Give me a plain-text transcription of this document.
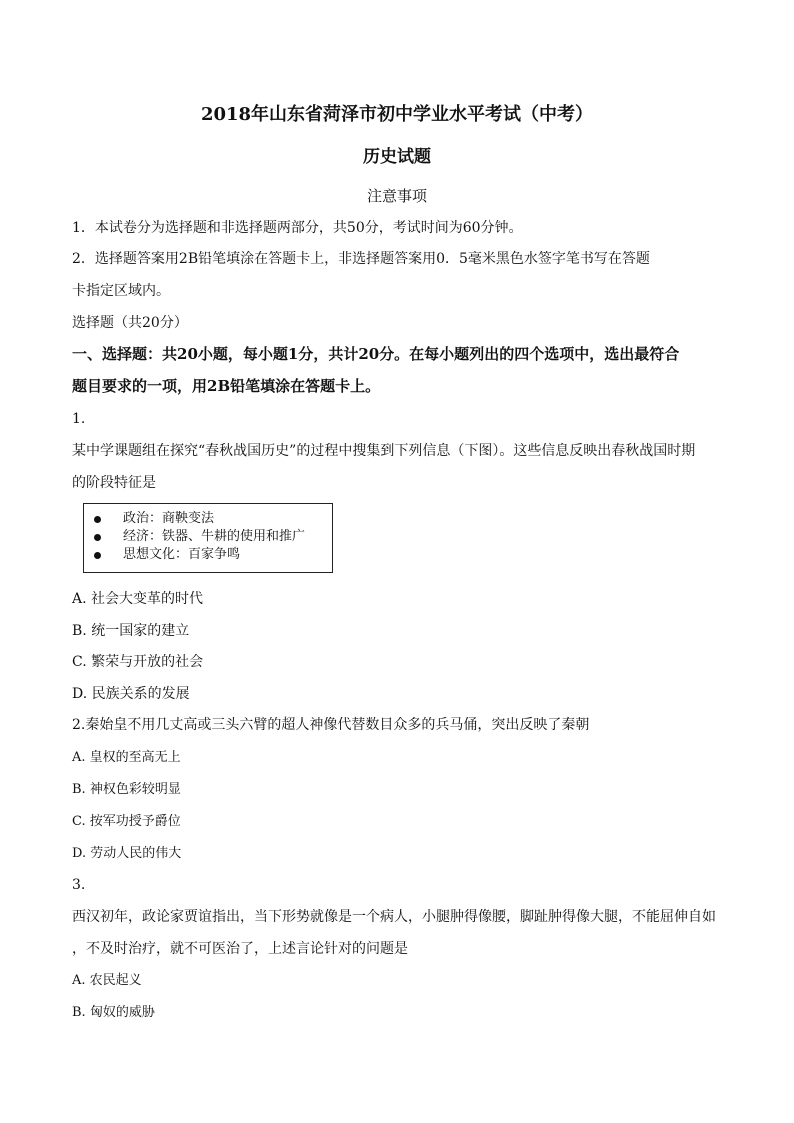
2018年山东省菏泽市初中学业水平考试（中考）
历史试题
注意事项
1．本试卷分为选择题和非选择题两部分，共50分，考试时间为60分钟。
2．选择题答案用2B铅笔填涂在答题卡上，非选择题答案用0．5毫米黑色水签字笔书写在答题
卡指定区域内。
选择题（共20分）
一、选择题：共20小题，每小题1分，共计20分。在每小题列出的四个选项中，选出最符合
题目要求的一项，用2B铅笔填涂在答题卡上。
1.
某中学课题组在探究“春秋战国历史”的过程中搜集到下列信息（下图）。这些信息反映出春秋战国时期
的阶段特征是
政治：商鞅变法
经济：铁器、牛耕的使用和推广
思想文化：百家争鸣
A. 社会大变革的时代
B. 统一国家的建立
C. 繁荣与开放的社会
D. 民族关系的发展
2.秦始皇不用几丈高或三头六臂的超人神像代替数目众多的兵马俑，突出反映了秦朝
A. 皇权的至高无上
B. 神权色彩较明显
C. 按军功授予爵位
D. 劳动人民的伟大
3.
西汉初年，政论家贾谊指出，当下形势就像是一个病人，小腿肿得像腰，脚趾肿得像大腿，不能屈伸自如
，不及时治疗，就不可医治了，上述言论针对的问题是
A. 农民起义
B. 匈奴的威胁
